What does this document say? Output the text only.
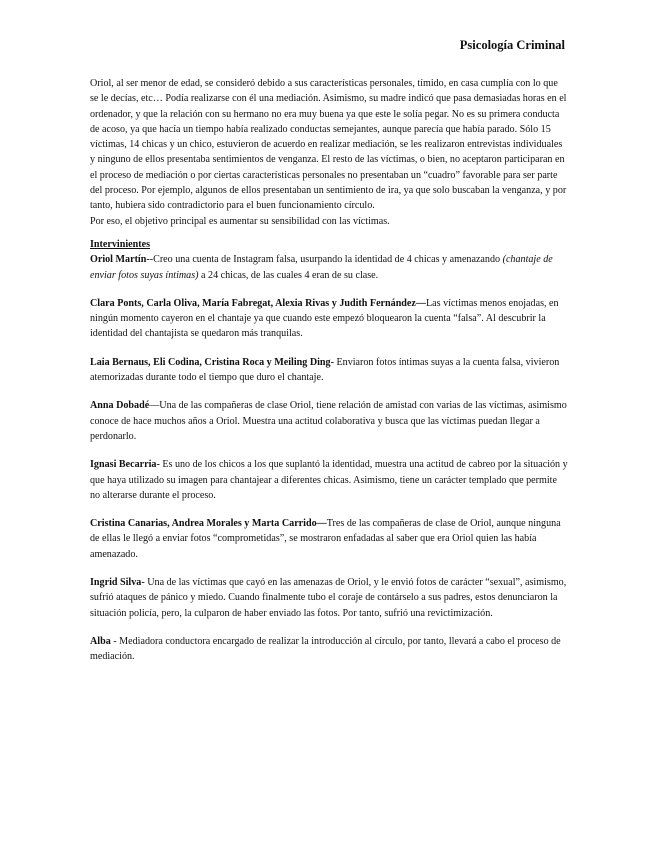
Psicología Criminal

Oriol, al ser menor de edad, se consideró debido a sus características personales, tímido, en casa cumplía con lo que se le decías, etc… Podía realizarse con él una mediación. Asimismo, su madre indicó que pasa demasiadas horas en el ordenador, y que la relación con su hermano no era muy buena ya que este le solía pegar. No es su primera conducta de acoso, ya que hacía un tiempo había realizado conductas semejantes, aunque parecía que había parado. Sólo 15 víctimas, 14 chicas y un chico, estuvieron de acuerdo en realizar mediación, se les realizaron entrevistas individuales y ninguno de ellos presentaba sentimientos de venganza. El resto de las víctimas, o bien, no aceptaron participaran en el proceso de mediación o por ciertas características personales no presentaban un “cuadro” favorable para ser parte del proceso. Por ejemplo, algunos de ellos presentaban un sentimiento de ira, ya que solo buscaban la venganza, y por tanto, hubiera sido contradictorio para el buen funcionamiento círculo.

Por eso, el objetivo principal es aumentar su sensibilidad con las víctimas.

Intervinientes

Oriol Martín--Creo una cuenta de Instagram falsa, usurpando la identidad de 4 chicas y amenazando (chantaje de enviar fotos suyas íntimas) a 24 chicas, de las cuales 4 eran de su clase.

Clara Ponts, Carla Oliva, María Fabregat, Alexia Rivas y Judith Fernández—Las víctimas menos enojadas, en ningún momento cayeron en el chantaje ya que cuando este empezó bloquearon la cuenta “falsa”. Al descubrir la identidad del chantajista se quedaron más tranquilas.

Laia Bernaus, Eli Codina, Cristina Roca y Meiling Ding- Enviaron fotos íntimas suyas a la cuenta falsa, vivieron atemorizadas durante todo el tiempo que duro el chantaje.

Anna Dobadé—Una de las compañeras de clase Oriol, tiene relación de amistad con varias de las víctimas, asimismo conoce de hace muchos años a Oriol. Muestra una actitud colaborativa y busca que las víctimas puedan llegar a perdonarlo.

Ignasi Becarria- Es uno de los chicos a los que suplantó la identidad, muestra una actitud de cabreo por la situación y que haya utilizado su imagen para chantajear a diferentes chicas. Asimismo, tiene un carácter templado que permite no alterarse durante el proceso.

Cristina Canarias, Andrea Morales y Marta Carrido—Tres de las compañeras de clase de Oriol, aunque ninguna de ellas le llegó a enviar fotos “comprometidas”, se mostraron enfadadas al saber que era Oriol quien las había amenazado.

Ingrid Silva- Una de las víctimas que cayó en las amenazas de Oriol, y le envió fotos de carácter “sexual”, asimismo, sufrió ataques de pánico y miedo. Cuando finalmente tubo el coraje de contárselo a sus padres, estos denunciaron la situación policía, pero, la culparon de haber enviado las fotos. Por tanto, sufrió una revictimización.

Alba - Mediadora conductora encargado de realizar la introducción al círculo, por tanto, llevará a cabo el proceso de mediación.
